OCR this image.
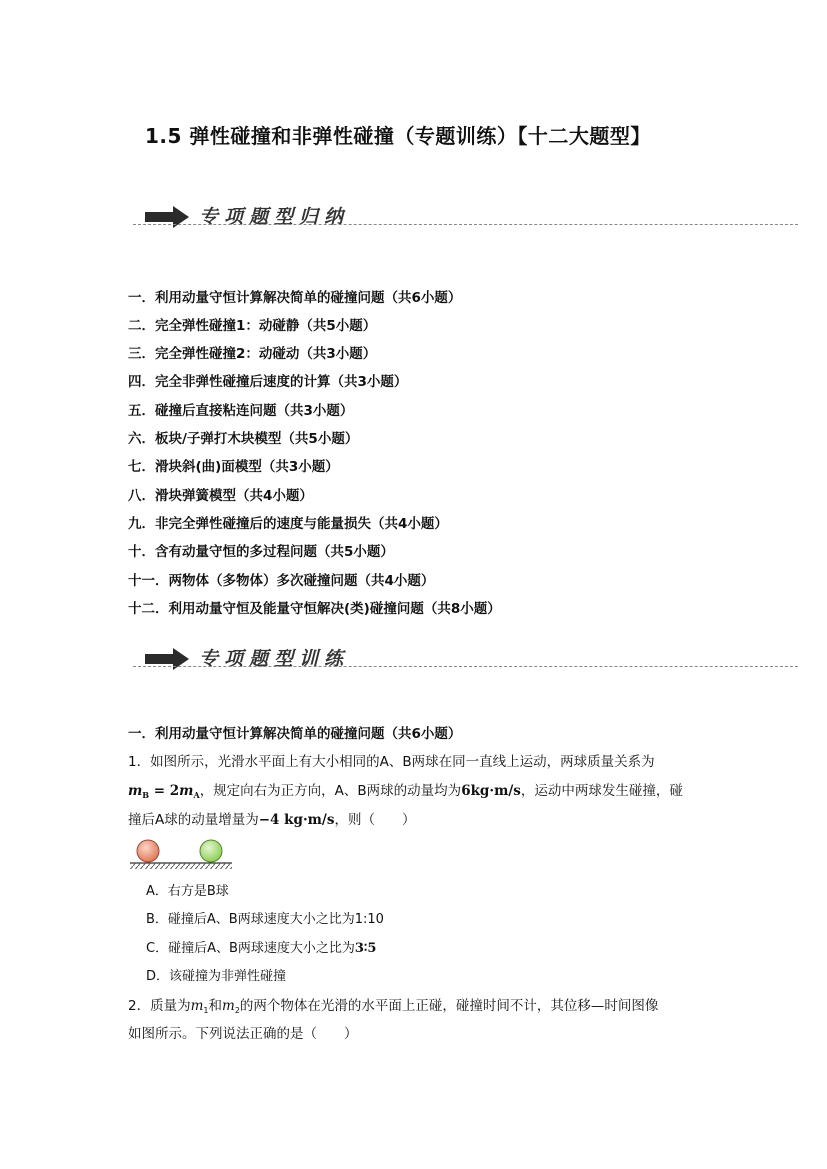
1.5 弹性碰撞和非弹性碰撞（专题训练）【十二大题型】
专项题型归纳
一．利用动量守恒计算解决简单的碰撞问题（共6小题）
二．完全弹性碰撞1：动碰静（共5小题）
三．完全弹性碰撞2：动碰动（共3小题）
四．完全非弹性碰撞后速度的计算（共3小题）
五．碰撞后直接粘连问题（共3小题）
六．板块/子弹打木块模型（共5小题）
七．滑块斜(曲)面模型（共3小题）
八．滑块弹簧模型（共4小题）
九．非完全弹性碰撞后的速度与能量损失（共4小题）
十．含有动量守恒的多过程问题（共5小题）
十一．两物体（多物体）多次碰撞问题（共4小题）
十二．利用动量守恒及能量守恒解决(类)碰撞问题（共8小题）
专项题型训练
一．利用动量守恒计算解决简单的碰撞问题（共6小题）
1．如图所示，光滑水平面上有大小相同的A、B两球在同一直线上运动，两球质量关系为
$m_B = 2m_A$，规定向右为正方向，A、B两球的动量均为6kg·m/s，运动中两球发生碰撞，碰
撞后A球的动量增量为−4 kg·m/s，则（　　）
A．右方是B球
B．碰撞后A、B两球速度大小之比为1:10
C．碰撞后A、B两球速度大小之比为3∶5
D．该碰撞为非弹性碰撞
2．质量为$m_1$和$m_2$的两个物体在光滑的水平面上正碰，碰撞时间不计，其位移—时间图像
如图所示。下列说法正确的是（　　）
